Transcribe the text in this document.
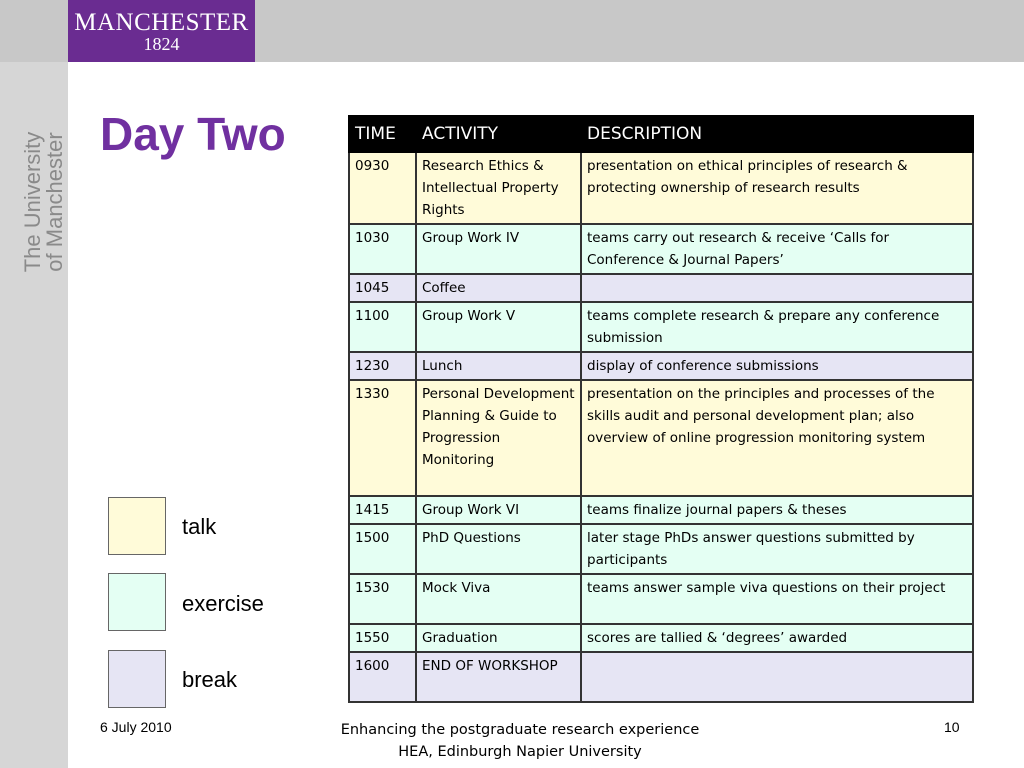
The University
of Manchester
MANCHESTER
1824
Day Two	TIME	ACTIVITY	DESCRIPTION
0930	Research Ethics & Intellectual Property Rights	presentation on ethical principles of research & protecting ownership of research results
1030	Group Work IV	teams carry out research & receive ‘Calls for Conference & Journal Papers’
1045	Coffee	
1100	Group Work V	teams complete research & prepare any conference submission
1230	Lunch	display of conference submissions
1330	Personal Development Planning & Guide to Progression Monitoring	presentation on the principles and processes of the skills audit and personal development plan; also overview of online progression monitoring system
1415	Group Work VI	teams finalize journal papers & theses
1500	PhD Questions	later stage PhDs answer questions submitted by participants
1530	Mock Viva	teams answer sample viva questions on their project
1550	Graduation	scores are tallied & ‘degrees’ awarded
1600	END OF WORKSHOP	
talk
exercise
break
6 July 2010	Enhancing the postgraduate research experience
HEA, Edinburgh Napier University
10
